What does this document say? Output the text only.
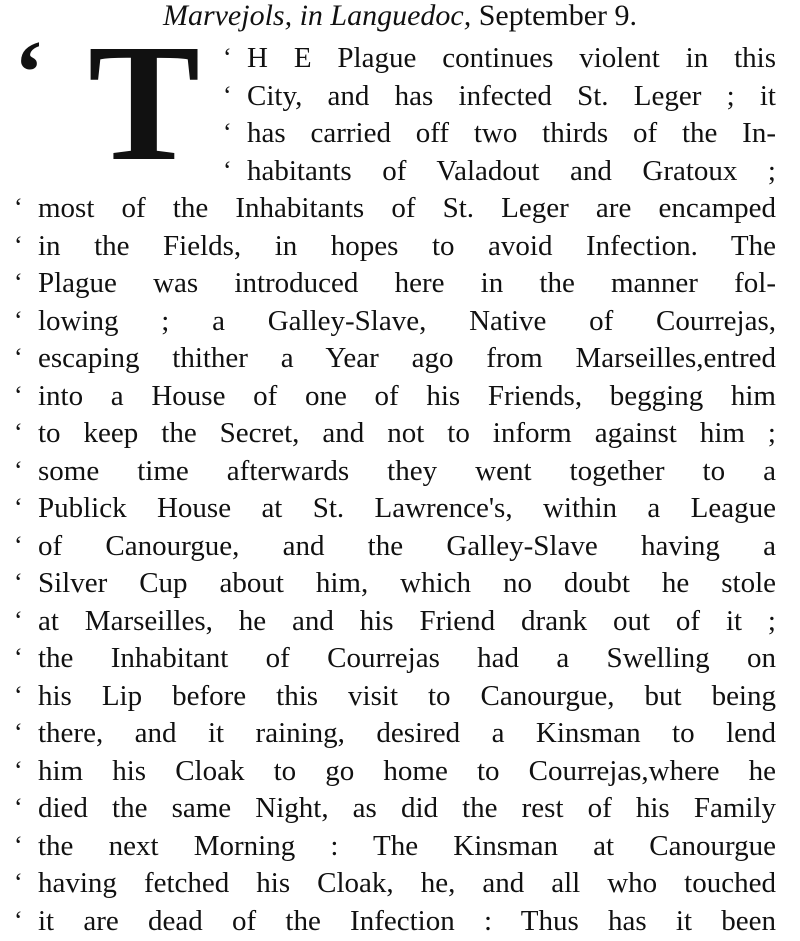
Marvejols, in Languedoc, September 9.
‘ T ‘ H E Plague continues violent in this
‘ City, and has infected St. Leger ; it
‘ has carried off two thirds of the In-
‘ habitants of Valadout and Gratoux ;
‘ most of the Inhabitants of St. Leger are encamped
‘ in the Fields, in hopes to avoid Infection. The
‘ Plague was introduced here in the manner fol-
‘ lowing ; a Galley-Slave, Native of Courrejas,
‘ escaping thither a Year ago from Marseilles,entred
‘ into a House of one of his Friends, begging him
‘ to keep the Secret, and not to inform against him ;
‘ some time afterwards they went together to a
‘ Publick House at St. Lawrence's, within a League
‘ of Canourgue, and the Galley-Slave having a
‘ Silver Cup about him, which no doubt he stole
‘ at Marseilles, he and his Friend drank out of it ;
‘ the Inhabitant of Courrejas had a Swelling on
‘ his Lip before this visit to Canourgue, but being
‘ there, and it raining, desired a Kinsman to lend
‘ him his Cloak to go home to Courrejas,where he
‘ died the same Night, as did the rest of his Family
‘ the next Morning : The Kinsman at Canourgue
‘ having fetched his Cloak, he, and all who touched
‘ it are dead of the Infection : Thus has it been
